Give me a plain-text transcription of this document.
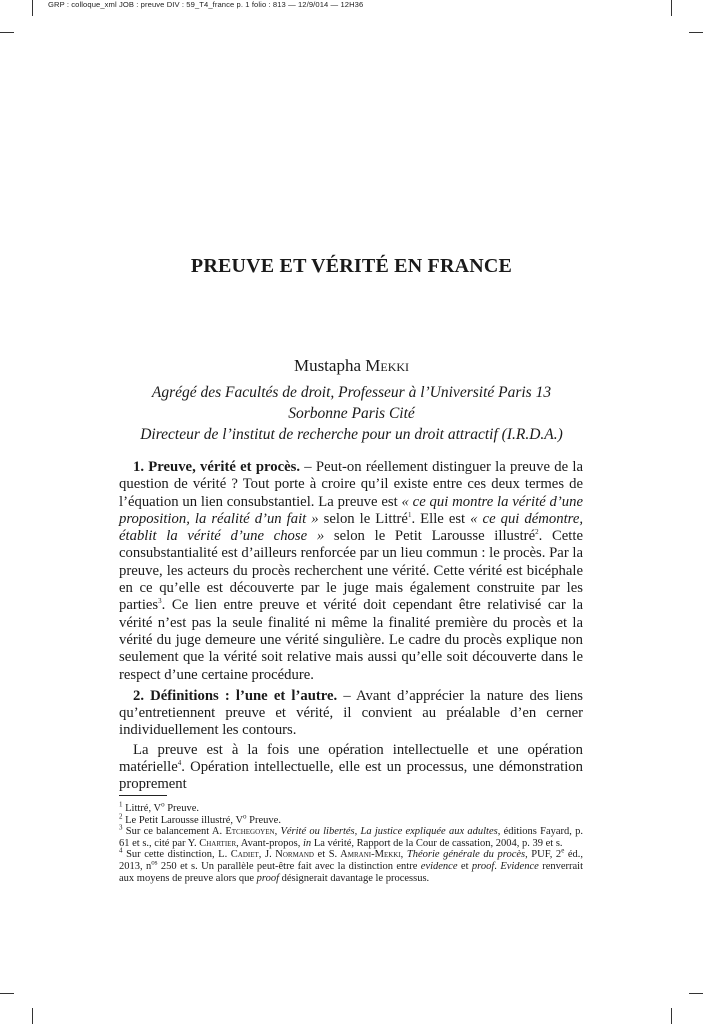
GRP : colloque_xml JOB : preuve DIV : 59_T4_france p. 1 folio : 813 — 12/9/014 — 12H36
PREUVE ET VÉRITÉ EN FRANCE
Mustapha Mekki
Agrégé des Facultés de droit, Professeur à l’Université Paris 13
Sorbonne Paris Cité
Directeur de l’institut de recherche pour un droit attractif (I.R.D.A.)

1. Preuve, vérité et procès. – Peut-on réellement distinguer la preuve de la question de vérité ? Tout porte à croire qu’il existe entre ces deux termes de l’équation un lien consubstantiel. La preuve est « ce qui montre la vérité d’une proposition, la réalité d’un fait » selon le Littré$^1$. Elle est « ce qui démontre, établit la vérité d’une chose » selon le Petit Larousse illustré$^2$. Cette consubstantialité est d’ailleurs renforcée par un lieu commun : le procès. Par la preuve, les acteurs du procès recherchent une vérité. Cette vérité est bicéphale en ce qu’elle est découverte par le juge mais également construite par les parties$^3$. Ce lien entre preuve et vérité doit cependant être relativisé car la vérité n’est pas la seule finalité ni même la finalité première du procès et la vérité du juge demeure une vérité singulière. Le cadre du procès explique non seulement que la vérité soit relative mais aussi qu’elle soit découverte dans le respect d’une certaine procédure.

2. Définitions : l’une et l’autre. – Avant d’apprécier la nature des liens qu’entretiennent preuve et vérité, il convient au préalable d’en cerner individuellement les contours.

La preuve est à la fois une opération intellectuelle et une opération matérielle$^4$. Opération intellectuelle, elle est un processus, une démonstration proprement

$^1$ Littré, $V^o$ Preuve.

$^2$ Le Petit Larousse illustré, $V^o$ Preuve.

$^3$ Sur ce balancement A. Etchegoyen, Vérité ou libertés, La justice expliquée aux adultes, éditions Fayard, p. 61 et s., cité par Y. Chartier, Avant-propos, in La vérité, Rapport de la Cour de cassation, 2004, p. 39 et s.

$^4$ Sur cette distinction, L. Cadiet, J. Normand et S. Amrani-Mekki, Théorie générale du procès, PUF, 2e éd., 2013, $n^{os}$ 250 et s. Un parallèle peut-être fait avec la distinction entre evidence et proof. Evidence renverrait aux moyens de preuve alors que proof désignerait davantage le processus.
